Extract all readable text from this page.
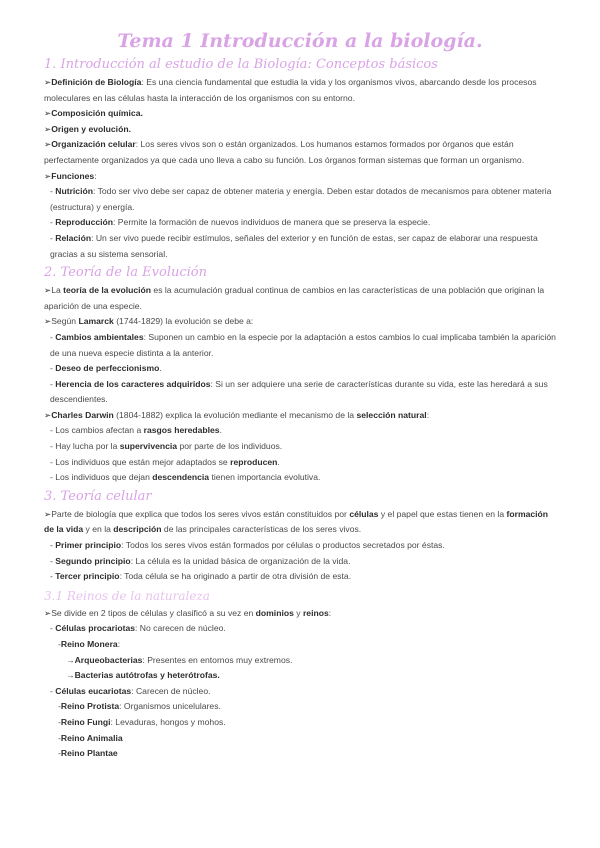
Tema 1 Introducción a la biología.
1. Introducción al estudio de la Biología: Conceptos básicos

➢Definición de Biología: Es una ciencia fundamental que estudia la vida y los organismos vivos, abarcando desde los procesos moleculares en las células hasta la interacción de los organismos con su entorno.

➢Composición química.

➢Origen y evolución.

➢Organización celular: Los seres vivos son o están organizados. Los humanos estamos formados por órganos que están perfectamente organizados ya que cada uno lleva a cabo su función. Los órganos forman sistemas que forman un organismo.

➢Funciones:

- Nutrición: Todo ser vivo debe ser capaz de obtener materia y energía. Deben estar dotados de mecanismos para obtener materia (estructura) y energía.

- Reproducción: Permite la formación de nuevos individuos de manera que se preserva la especie.

- Relación: Un ser vivo puede recibir estímulos, señales del exterior y en función de estas, ser capaz de elaborar una respuesta gracias a su sistema sensorial.

2. Teoría de la Evolución

➢La teoría de la evolución es la acumulación gradual continua de cambios en las características de una población que originan la aparición de una especie.

➢Según Lamarck (1744-1829) la evolución se debe a:

- Cambios ambientales: Suponen un cambio en la especie por la adaptación a estos cambios lo cual implicaba también la aparición de una nueva especie distinta a la anterior.

- Deseo de perfeccionismo.

- Herencia de los caracteres adquiridos: Si un ser adquiere una serie de características durante su vida, este las heredará a sus descendientes.

➢Charles Darwin (1804-1882) explica la evolución mediante el mecanismo de la selección natural:

- Los cambios afectan a rasgos heredables.

- Hay lucha por la supervivencia por parte de los individuos.

- Los individuos que están mejor adaptados se reproducen.

- Los individuos que dejan descendencia tienen importancia evolutiva.

3. Teoría celular

➢Parte de biología que explica que todos los seres vivos están constituidos por células y el papel que estas tienen en la formación de la vida y en la descripción de las principales características de los seres vivos.

- Primer principio: Todos los seres vivos están formados por células o productos secretados por éstas.

- Segundo principio: La célula es la unidad básica de organización de la vida.

- Tercer principio: Toda célula se ha originado a partir de otra división de esta.

3.1 Reinos de la naturaleza

➢Se divide en 2 tipos de células y clasificó a su vez en dominios y reinos:

- Células procariotas: No carecen de núcleo.

-Reino Monera:

→Arqueobacterias: Presentes en entornos muy extremos.

→Bacterias autótrofas y heterótrofas.

- Células eucariotas: Carecen de núcleo.

-Reino Protista: Organismos unicelulares.

-Reino Fungi: Levaduras, hongos y mohos.

-Reino Animalia

-Reino Plantae
